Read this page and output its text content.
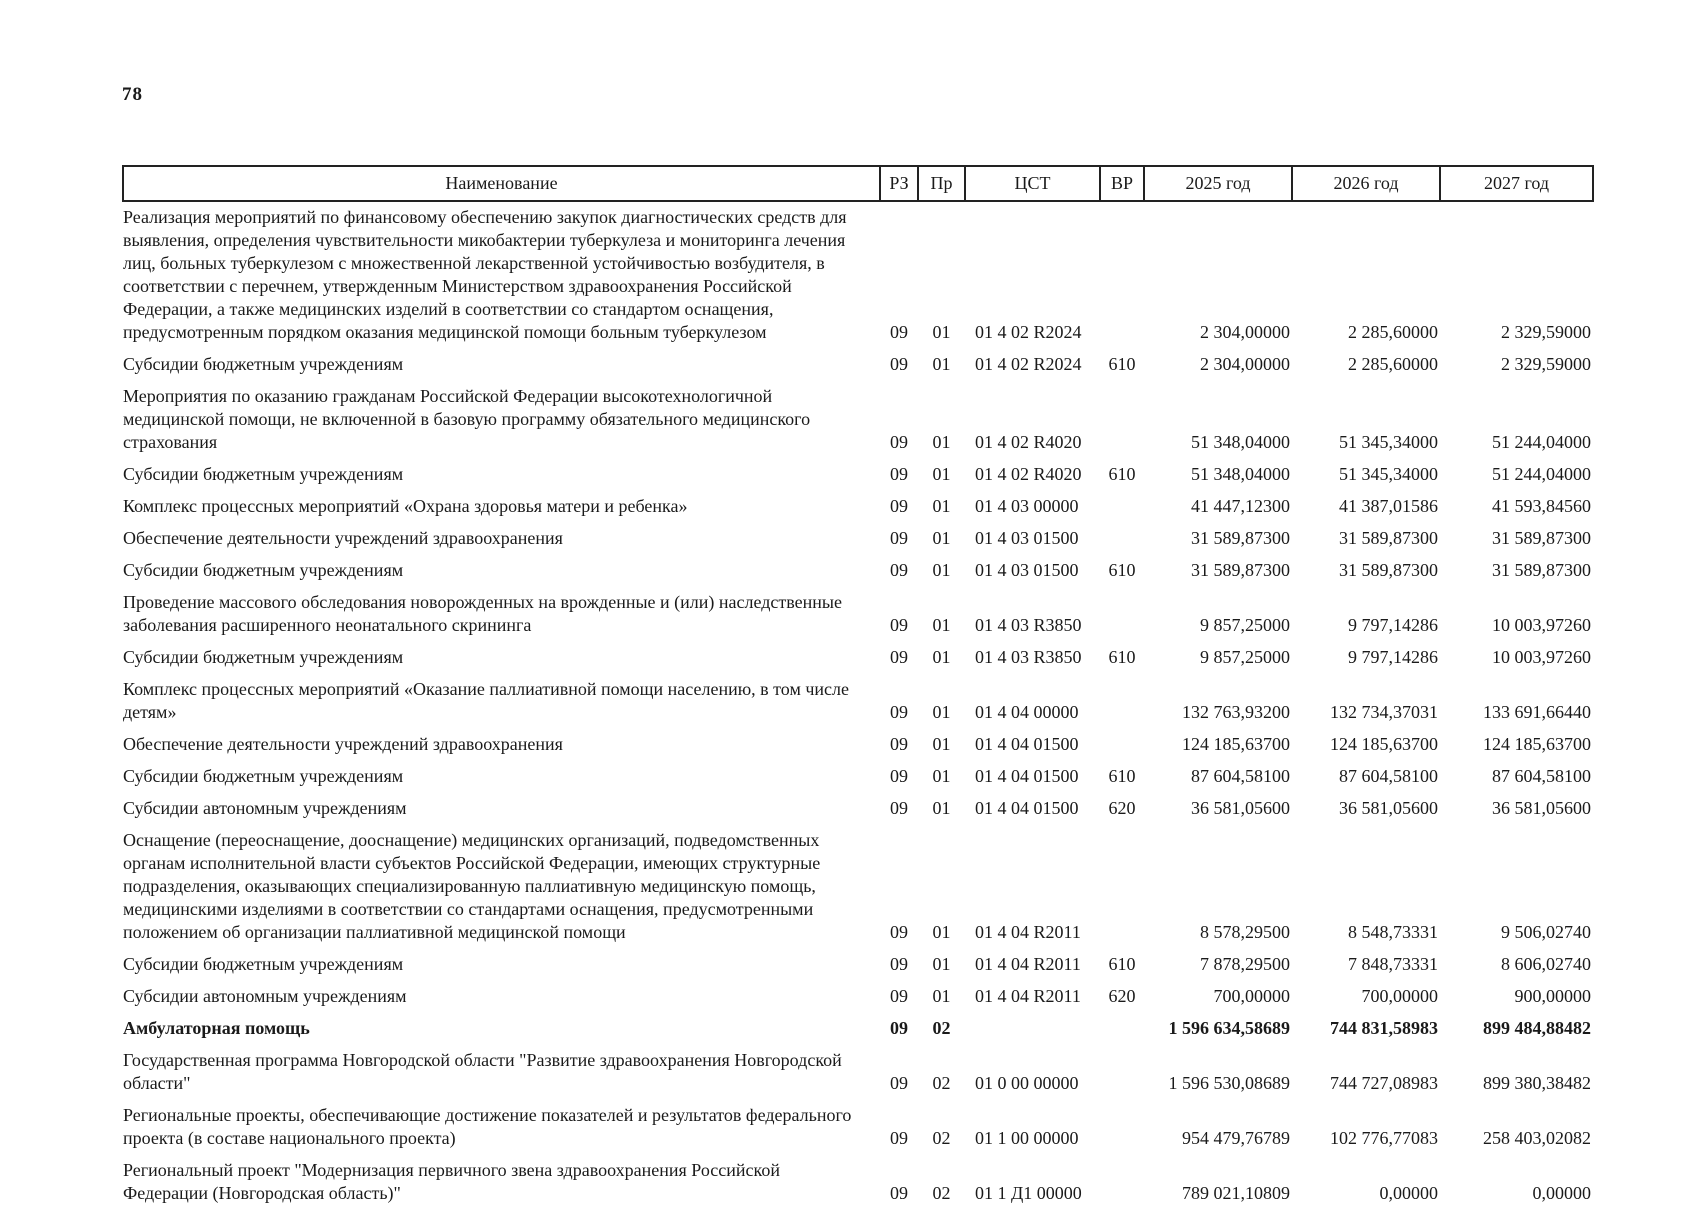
78
Наименование	РЗ	Пр	ЦСТ	ВР	2025 год	2026 год	2027 год
Реализация мероприятий по финансовому обеспечению закупок диагностических средств для выявления, определения чувствительности микобактерии туберкулеза и мониторинга лечения лиц, больных туберкулезом с множественной лекарственной устойчивостью возбудителя, в соответствии с перечнем, утвержденным Министерством здравоохранения Российской Федерации, а также медицинских изделий в соответствии со стандартом оснащения, предусмотренным порядком оказания медицинской помощи больным туберкулезом	09	01	01 4 02 R2024		2 304,00000	2 285,60000	2 329,59000
Субсидии бюджетным учреждениям	09	01	01 4 02 R2024	610	2 304,00000	2 285,60000	2 329,59000
Мероприятия по оказанию гражданам Российской Федерации высокотехнологичной медицинской помощи, не включенной в базовую программу обязательного медицинского страхования	09	01	01 4 02 R4020		51 348,04000	51 345,34000	51 244,04000
Субсидии бюджетным учреждениям	09	01	01 4 02 R4020	610	51 348,04000	51 345,34000	51 244,04000
Комплекс процессных мероприятий «Охрана здоровья матери и ребенка»	09	01	01 4 03 00000		41 447,12300	41 387,01586	41 593,84560
Обеспечение деятельности учреждений здравоохранения	09	01	01 4 03 01500		31 589,87300	31 589,87300	31 589,87300
Субсидии бюджетным учреждениям	09	01	01 4 03 01500	610	31 589,87300	31 589,87300	31 589,87300
Проведение массового обследования новорожденных на врожденные и (или) наследственные заболевания расширенного неонатального скрининга	09	01	01 4 03 R3850		9 857,25000	9 797,14286	10 003,97260
Субсидии бюджетным учреждениям	09	01	01 4 03 R3850	610	9 857,25000	9 797,14286	10 003,97260
Комплекс процессных мероприятий «Оказание паллиативной помощи населению, в том числе детям»	09	01	01 4 04 00000		132 763,93200	132 734,37031	133 691,66440
Обеспечение деятельности учреждений здравоохранения	09	01	01 4 04 01500		124 185,63700	124 185,63700	124 185,63700
Субсидии бюджетным учреждениям	09	01	01 4 04 01500	610	87 604,58100	87 604,58100	87 604,58100
Субсидии автономным учреждениям	09	01	01 4 04 01500	620	36 581,05600	36 581,05600	36 581,05600
Оснащение (переоснащение, дооснащение) медицинских организаций, подведомственных органам исполнительной власти субъектов Российской Федерации, имеющих структурные подразделения, оказывающих специализированную паллиативную медицинскую помощь, медицинскими изделиями в соответствии со стандартами оснащения, предусмотренными положением об организации паллиативной медицинской помощи	09	01	01 4 04 R2011		8 578,29500	8 548,73331	9 506,02740
Субсидии бюджетным учреждениям	09	01	01 4 04 R2011	610	7 878,29500	7 848,73331	8 606,02740
Субсидии автономным учреждениям	09	01	01 4 04 R2011	620	700,00000	700,00000	900,00000
Амбулаторная помощь	09	02			1 596 634,58689	744 831,58983	899 484,88482
Государственная программа Новгородской области "Развитие здравоохранения Новгородской области"	09	02	01 0 00 00000		1 596 530,08689	744 727,08983	899 380,38482
Региональные проекты, обеспечивающие достижение показателей и результатов федерального проекта (в составе национального проекта)	09	02	01 1 00 00000		954 479,76789	102 776,77083	258 403,02082
Региональный проект "Модернизация первичного звена здравоохранения Российской Федерации (Новгородская область)"	09	02	01 1 Д1 00000		789 021,10809	0,00000	0,00000
